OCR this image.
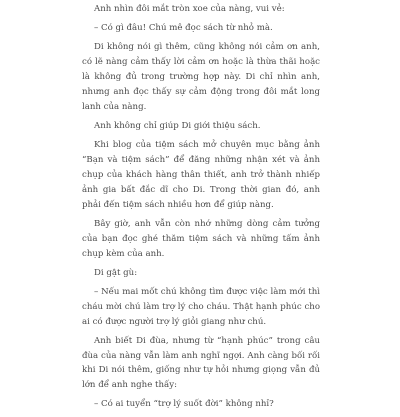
Anh nhìn đôi mắt tròn xoe của nàng, vui vẻ:

– Có gì đâu! Chú mê đọc sách từ nhỏ mà.

Di không nói gì thêm, cũng không nói cảm ơn anh, có lẽ nàng cảm thấy lời cảm ơn hoặc là thừa thãi hoặc là không đủ trong trường hợp này. Di chỉ nhìn anh, nhưng anh đọc thấy sự cảm động trong đôi mắt long lanh của nàng.

Anh không chỉ giúp Di giới thiệu sách.

Khi blog của tiệm sách mở chuyên mục bằng ảnh “Bạn và tiệm sách” để đăng những nhận xét và ảnh chụp của khách hàng thân thiết, anh trở thành nhiếp ảnh gia bất đắc dĩ cho Di. Trong thời gian đó, anh phải đến tiệm sách nhiều hơn để giúp nàng.

Bây giờ, anh vẫn còn nhớ những dòng cảm tưởng của bạn đọc ghé thăm tiệm sách và những tấm ảnh chụp kèm của anh.

Di gật gù:

– Nếu mai mốt chú không tìm được việc làm mới thì cháu mời chú làm trợ lý cho cháu. Thật hạnh phúc cho ai có được người trợ lý giỏi giang như chú.

Anh biết Di đùa, nhưng từ “hạnh phúc” trong câu đùa của nàng vẫn làm anh nghĩ ngợi. Anh càng bối rối khi Di nói thêm, giống như tự hỏi nhưng giọng vẫn đủ lớn để anh nghe thấy:

– Có ai tuyển “trợ lý suốt đời” không nhỉ?
